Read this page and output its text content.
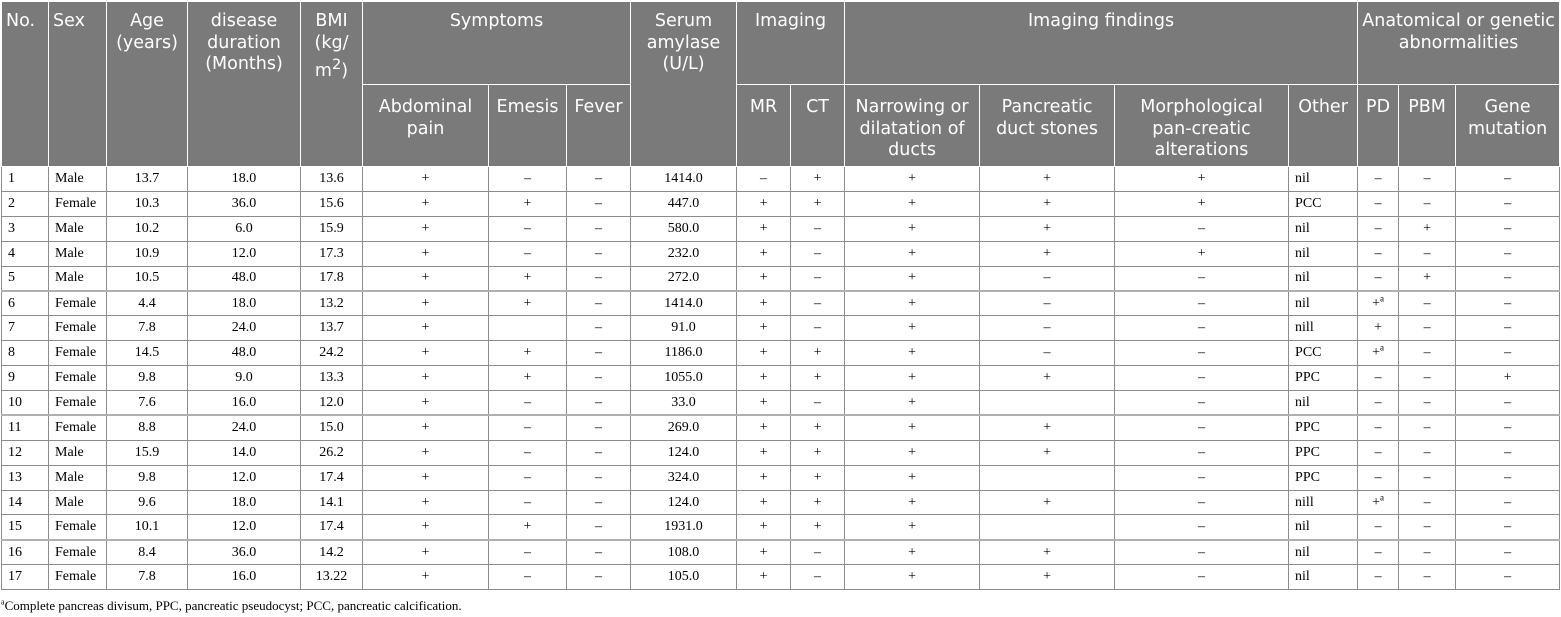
No.	Sex	Age (years)	disease duration (Months)	BMI (kg/ $m^2$)	Symptoms			Serum amylase (U/L)	Imaging		Imaging findings				Anatomical or genetic abnormalities		
					Abdominal pain	Emesis	Fever		MR	CT	Narrowing or dilatation of ducts	Pancreatic duct stones	Morphological pan-creatic alterations	Other	PD	PBM	Gene mutation
1	Male	13.7	18.0	13.6	+	–	–	1414.0	–	+	+	+	+	nil	–	–	–
2	Female	10.3	36.0	15.6	+	+	–	447.0	+	+	+	+	+	PCC	–	–	–
3	Male	10.2	6.0	15.9	+	–	–	580.0	+	–	+	+	–	nil	–	+	–
4	Male	10.9	12.0	17.3	+	–	–	232.0	+	–	+	+	+	nil	–	–	–
5	Male	10.5	48.0	17.8	+	+	–	272.0	+	–	+	–	–	nil	–	+	–
6	Female	4.4	18.0	13.2	+	+	–	1414.0	+	–	+	–	–	nil	+$^a$	–	–
7	Female	7.8	24.0	13.7	+		–	91.0	+	–	+	–	–	nill	+	–	–
8	Female	14.5	48.0	24.2	+	+	–	1186.0	+	+	+	–	–	PCC	+$^a$	–	–
9	Female	9.8	9.0	13.3	+	+	–	1055.0	+	+	+	+	–	PPC	–	–	+
10	Female	7.6	16.0	12.0	+	–	–	33.0	+	–	+		–	nil	–	–	–
11	Female	8.8	24.0	15.0	+	–	–	269.0	+	+	+	+	–	PPC	–	–	–
12	Male	15.9	14.0	26.2	+	–	–	124.0	+	+	+	+	–	PPC	–	–	–
13	Male	9.8	12.0	17.4	+	–	–	324.0	+	+	+		–	PPC	–	–	–
14	Male	9.6	18.0	14.1	+	–	–	124.0	+	+	+	+	–	nill	+$^a$	–	–
15	Female	10.1	12.0	17.4	+	+	–	1931.0	+	+	+		–	nil	–	–	–
16	Female	8.4	36.0	14.2	+	–	–	108.0	+	–	+	+	–	nil	–	–	–
17	Female	7.8	16.0	13.22	+	–	–	105.0	+	–	+	+	–	nil	–	–	–
$^a$Complete pancreas divisum, PPC, pancreatic pseudocyst; PCC, pancreatic calcification.
